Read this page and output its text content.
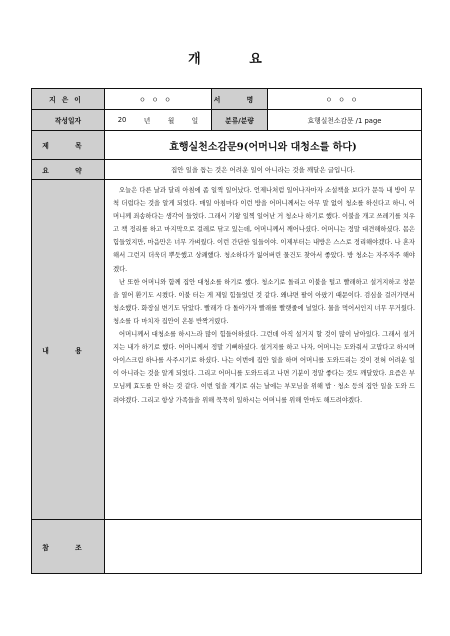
개 요
지은이	ㅇㅇㅇ	서 명	ㅇㅇㅇ
작성일자	20 년 월 일	분류/분량	효행실천소감문 /1 page
제 목	효행실천소감문9(어머니와 대청소를 하다)		
요 약	집안 일을 돕는 것은 어려운 일이 아니라는 것을 깨달은 글입니다.		
내 용	오늘은 다른 날과 달리 아침에 좀 일찍 일어났다. 언제나처럼 일어나자마자 소설책을 보다가 문득 내 방이 무척 더럽다는 것을 알게 되었다. 매일 아침마다 이런 방을 어머니께서는 아무 말 없이 청소를 하신다고 하니, 어머니께 죄송하다는 생각이 들었다. 그래서 기왕 일찍 일어난 거 청소나 하기로 했다. 이불을 개고 쓰레기를 치우고 책 정리를 하고 마지막으로 걸레로 닦고 있는데, 어머니께서 깨어나셨다. 어머니는 정말 대견해하셨다. 몸은 힘들었지만, 마음만은 너무 가벼웠다. 이런 간단한 일들이야. 이제부터는 내방은 스스로 정리해야겠다. 나 혼자해서 그런지 더욱더 뿌듯했고 상쾌했다. 청소하다가 잃어버린 물건도 찾아서 좋았다. 방 청소는 자주자주 해야겠다.

난 또한 어머니와 함께 집안 대청소를 하기로 했다. 청소기로 돌리고 이불을 털고 빨래하고 설거지하고 창문을 열어 환기도 시켰다. 이불 터는 게 제일 힘들었던 것 같다. 왜냐면 팔이 아팠기 때문이다. 검심을 걸러가면서 청소했다. 화장실 변기도 닦았다. 빨래가 다 돌아가자 빨래를 빨랫줄에 널었다. 물을 먹어서인지 너무 무거웠다. 청소를 다 마치자 집안이 온통 반짝거렸다.

어머니께서 대청소를 하시느라 많이 힘들어하셨다. 그런데 아직 설거지 할 것이 많이 남아있다. 그래서 설거지는 내가 하기로 했다. 어머니께서 정말 기뻐하셨다. 설거지를 하고 나자, 어머니는 도와줘서 고맙다고 하시며 아이스크림 하나를 사주시기로 하셨다. 나는 이번에 집안 일을 하며 어머니를 도와드리는 것이 전혀 어려운 일이 아니라는 것을 알게 되었다. 그리고 어머니를 도와드리고 나면 기분이 정말 좋다는 것도 깨달았다. 요즘은 부모님께 효도를 안 하는 것 같다. 이번 일을 계기로 쉬는 날에는 부모님을 위해 밥 · 청소 등의 집안 일을 도와 드려야겠다. 그리고 항상 가족들을 위해 묵묵히 일하시는 어머니를 위해 안마도 해드려야겠다.		

참 조			
